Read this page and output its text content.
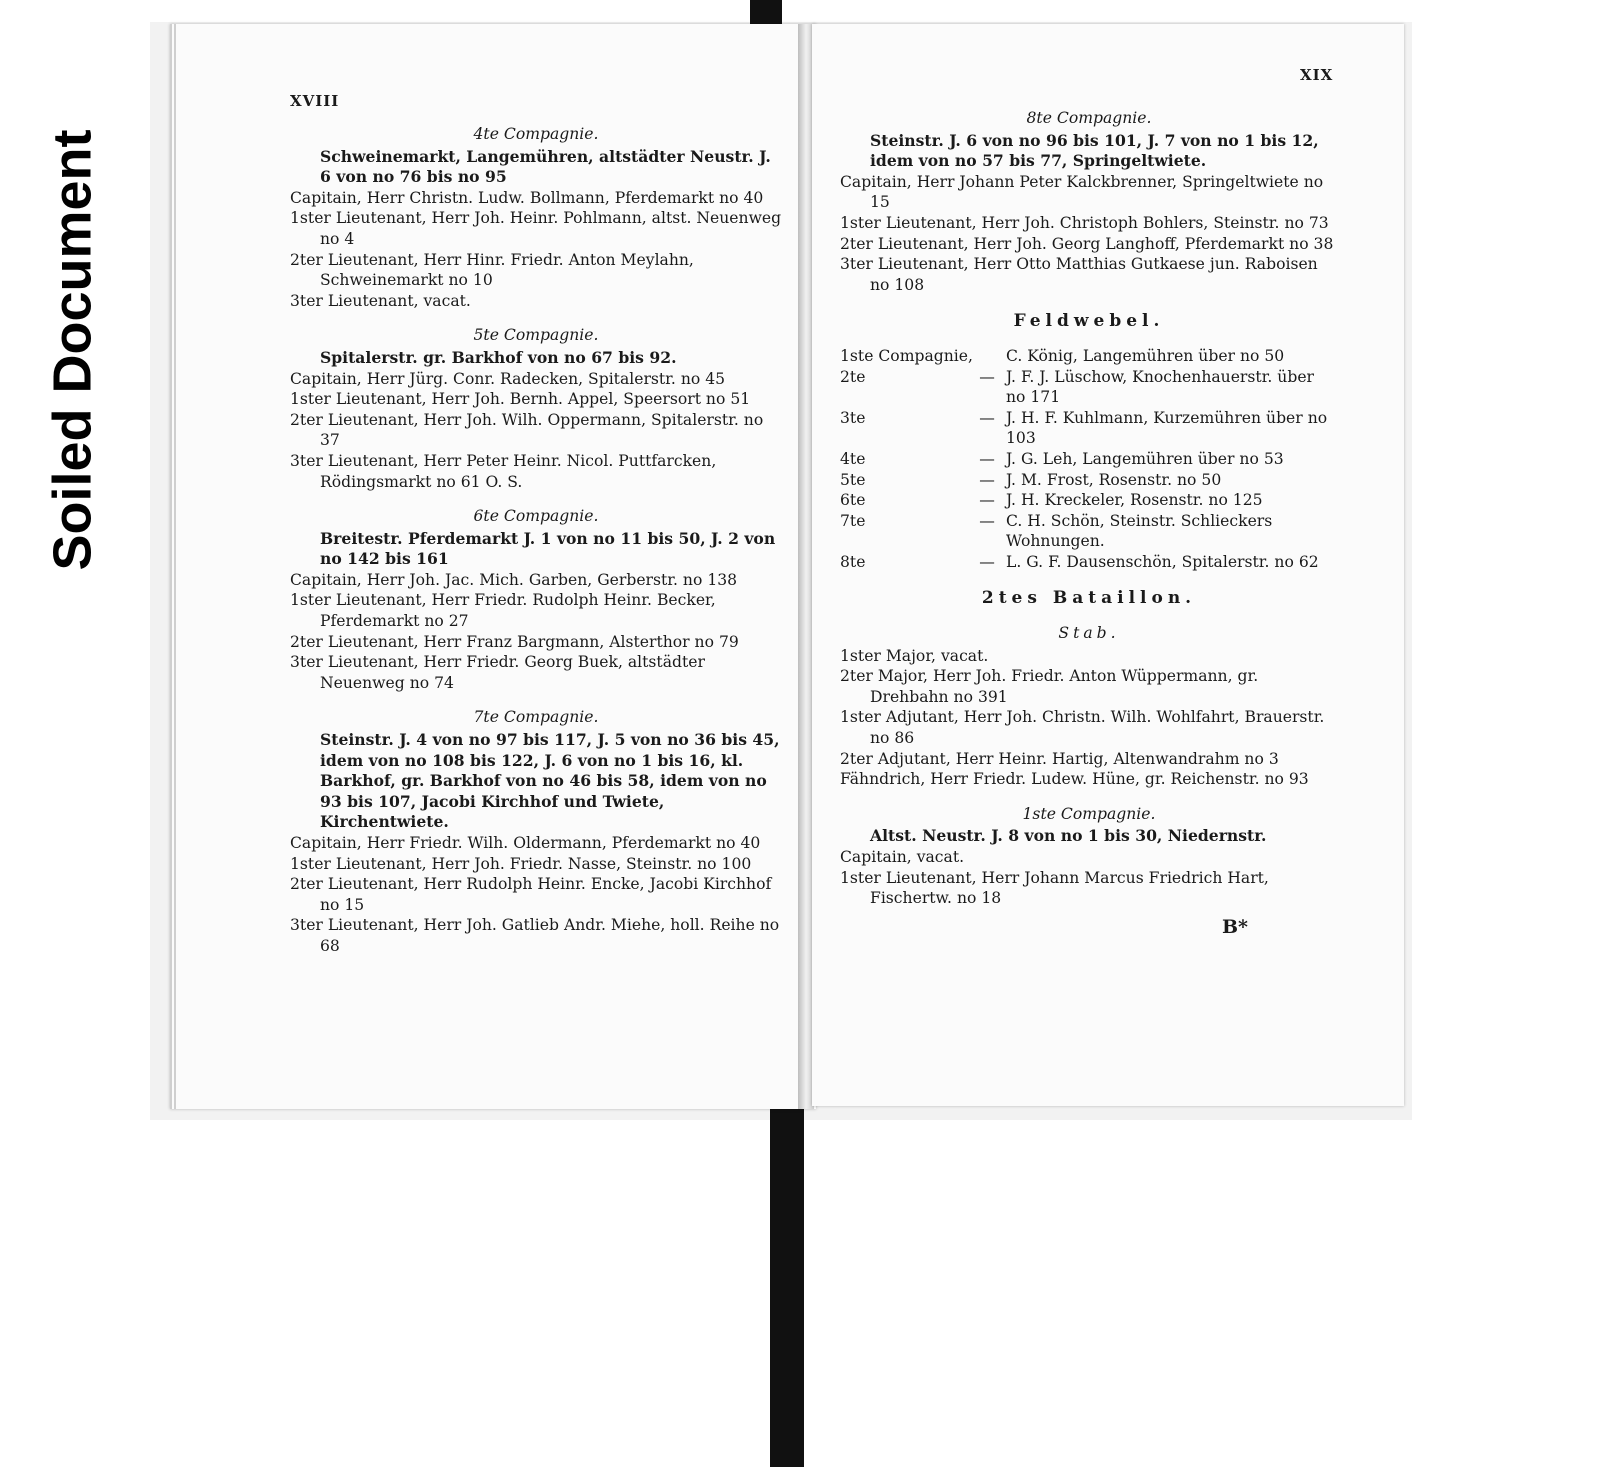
Soiled Document
XVIII
4te Compagnie.
Schweinemarkt, Langemühren, altstädter Neustr. J. 6 von no 76 bis no 95
Capitain, Herr Christn. Ludw. Bollmann, Pferdemarkt no 40
1ster Lieutenant, Herr Joh. Heinr. Pohlmann, altst. Neuenweg no 4
2ter Lieutenant, Herr Hinr. Friedr. Anton Meylahn, Schweinemarkt no 10
3ter Lieutenant, vacat.
5te Compagnie.
Spitalerstr. gr. Barkhof von no 67 bis 92.
Capitain, Herr Jürg. Conr. Radecken, Spitalerstr. no 45
1ster Lieutenant, Herr Joh. Bernh. Appel, Speersort no 51
2ter Lieutenant, Herr Joh. Wilh. Oppermann, Spitalerstr. no 37
3ter Lieutenant, Herr Peter Heinr. Nicol. Puttfarcken, Rödingsmarkt no 61 O. S.
6te Compagnie.
Breitestr. Pferdemarkt J. 1 von no 11 bis 50, J. 2 von no 142 bis 161
Capitain, Herr Joh. Jac. Mich. Garben, Gerberstr. no 138
1ster Lieutenant, Herr Friedr. Rudolph Heinr. Becker, Pferdemarkt no 27
2ter Lieutenant, Herr Franz Bargmann, Alsterthor no 79
3ter Lieutenant, Herr Friedr. Georg Buek, altstädter Neuenweg no 74
7te Compagnie.
Steinstr. J. 4 von no 97 bis 117, J. 5 von no 36 bis 45, idem von no 108 bis 122, J. 6 von no 1 bis 16, kl. Barkhof, gr. Barkhof von no 46 bis 58, idem von no 93 bis 107, Jacobi Kirchhof und Twiete, Kirchentwiete.
Capitain, Herr Friedr. Wilh. Oldermann, Pferdemarkt no 40
1ster Lieutenant, Herr Joh. Friedr. Nasse, Steinstr. no 100
2ter Lieutenant, Herr Rudolph Heinr. Encke, Jacobi Kirchhof no 15
3ter Lieutenant, Herr Joh. Gatlieb Andr. Miehe, holl. Reihe no 68
XIX
8te Compagnie.
Steinstr. J. 6 von no 96 bis 101, J. 7 von no 1 bis 12, idem von no 57 bis 77, Springeltwiete.
Capitain, Herr Johann Peter Kalckbrenner, Springeltwiete no 15
1ster Lieutenant, Herr Joh. Christoph Bohlers, Steinstr. no 73
2ter Lieutenant, Herr Joh. Georg Langhoff, Pferdemarkt no 38
3ter Lieutenant, Herr Otto Matthias Gutkaese jun. Raboisen no 108
Feldwebel.
1ste Compagnie,		C. König, Langemühren über no 50
2te	—	J. F. J. Lüschow, Knochenhauerstr. über no 171
3te	—	J. H. F. Kuhlmann, Kurzemühren über no 103
4te	—	J. G. Leh, Langemühren über no 53
5te	—	J. M. Frost, Rosenstr. no 50
6te	—	J. H. Kreckeler, Rosenstr. no 125
7te	—	C. H. Schön, Steinstr. Schlieckers Wohnungen.
8te	—	L. G. F. Dausenschön, Spitalerstr. no 62
2tes Bataillon.
Stab.
1ster Major, vacat.
2ter Major, Herr Joh. Friedr. Anton Wüppermann, gr. Drehbahn no 391
1ster Adjutant, Herr Joh. Christn. Wilh. Wohlfahrt, Brauerstr. no 86
2ter Adjutant, Herr Heinr. Hartig, Altenwandrahm no 3
Fähndrich, Herr Friedr. Ludew. Hüne, gr. Reichenstr. no 93
1ste Compagnie.
Altst. Neustr. J. 8 von no 1 bis 30, Niedernstr.
Capitain, vacat.
1ster Lieutenant, Herr Johann Marcus Friedrich Hart, Fischertw. no 18
B*
